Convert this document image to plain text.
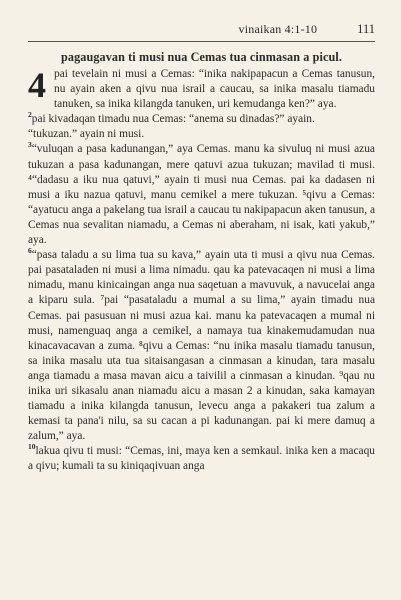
vinaikan 4:1-10	111

pagaugavan ti musi nua Cemas tua cinmasan a picul.

4 pai tevelain ni musi a Cemas: “inika nakipapacun a Cemas tanusun, nu ayain aken a qivu nua israil a caucau, sa inika masalu tiamadu tanuken, sa inika kilangda tanuken, uri kemudanga ken?” aya.

$^2$pai kivadaqan timadu nua Cemas: “anema su dinadas?” ayain.

“tukuzan.” ayain ni musi.

$^3$“vuluqan a pasa kadunangan,” aya Cemas. manu ka sivuluq ni musi azua tukuzan a pasa kadunangan, mere qatuvi azua tukuzan; mavilad ti musi. ⁴“dadasu a iku nua qatuvi,” ayain ti musi nua Cemas. pai ka dadasen ni musi a iku nazua qatuvi, manu cemikel a mere tukuzan. ⁵qivu a Cemas: “ayatucu anga a pakelang tua israil a caucau tu nakipapacun aken tanusun, a Cemas nua sevalitan niamadu, a Cemas ni aberaham, ni isak, kati yakub,” aya.

$^6$“pasa taladu a su lima tua su kava,” ayain uta ti musi a qivu nua Cemas. pai pasataladen ni musi a lima nimadu. qau ka patevacaqen ni musi a lima nimadu, manu kinicaingan anga nua saqetuan a mavuvuk, a navucelai anga a kiparu sula. ⁷pai “pasataladu a mumal a su lima,” ayain timadu nua Cemas. pai pasusuan ni musi azua kai. manu ka patevacaqen a mumal ni musi, namenguaq anga a cemikel, a namaya tua kinakemudamudan nua kinacavacavan a zuma. ⁸qivu a Cemas: “nu inika masalu tiamadu tanusun, sa inika masalu uta tua sitaisangasan a cinmasan a kinudan, tara masalu anga tiamadu a masa mavan aicu a taivilil a cinmasan a kinudan. ⁹qau nu inika uri sikasalu anan niamadu aicu a masan 2 a kinudan, saka kamayan tiamadu a inika kilangda tanusun, levecu anga a pakakeri tua zalum a kemasi ta pana'i nilu, sa su cacan a pi kadunangan. pai ki mere damuq a zalum,” aya.

$^{10}$lakua qivu ti musi: “Cemas, ini, maya ken a semkaul. inika ken a macaqu a qivu; kumali ta su kiniqaqivuan anga
